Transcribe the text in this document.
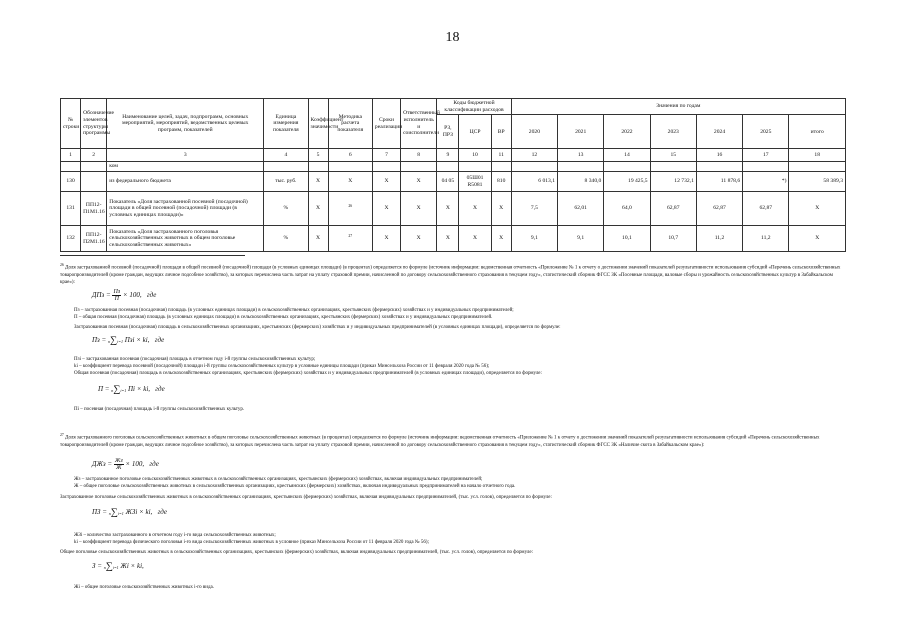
18
№ строки	Обозначение элементов структуры программы	Наименование целей, задач, подпрограмм, основных мероприятий, мероприятий, ведомственных целевых программ, показателей	Единица измерения показателя	Коэффициент значимости	Методика расчета показателя	Сроки реализации	Ответственный исполнитель и соисполнители	Коды бюджетной классификации расходов			Значения по годам						
								РЗ, ПРЗ	ЦСР	ВР	2020	2021	2022	2023	2024	2025	итого
1	2	3	4	5	6	7	8	9	10	11	12	13	14	15	16	17	18
		ком															
130		из федерального бюджета	тыс. руб.	Х	Х	Х	Х	04 05	05Ш01 R5081	810	6 013,1	8 340,0	19 425,5	12 732,1	11 878,6	*)	58 389,3
131	ПП12-П1М1.16	Показатель «Доля застрахованной посевной (посадочной) площади в общей посевной (посадочной) площади (в условных единицах площади)»	%	Х	$^{26}$	Х	Х	Х	Х	Х	7,5	62,01	64,0	62,87	62,87	62,87	Х
132	ПП12-П2М1.16	Показатель «Доля застрахованного поголовья сельскохозяйственных животных в общем поголовье сельскохозяйственных животных»	%	Х	$^{27}$	Х	Х	Х	Х	Х	9,1	9,1	10,1	10,7	11,2	11,2	Х

$^{26}$ Доля застрахованной посевной (посадочной) площади в общей посевной (посадочной) площади (в условных единицах площади) (в процентах) определяется по формуле (источник информации: ведомственная отчетность «Приложение № 1 к отчету о достижении значений показателей результативности использования субсидий «Перечень сельскохозяйственных товаропроизводителей (кроме граждан, ведущих личное подсобное хозяйство), за которых перечислена часть затрат на уплату страховой премии, начисленной по договору сельскохозяйственного страхования в текущем году», статистический сборник ФГСС ЗК «Посевные площади, валовые сборы и урожайность сельскохозяйственных культур в Забайкальском крае»):

ДПз = $\frac{Пз}{П} \times 100$, где

Пз – застрахованная посевная (посадочная) площадь (в условных единицах площади) в сельскохозяйственных организациях, крестьянских (фермерских) хозяйствах и у индивидуальных предпринимателей;

П – общая посевная (посадочная) площадь (в условных единицах площади) в сельскохозяйственных организациях, крестьянских (фермерских) хозяйствах и у индивидуальных предпринимателей.

Застрахованная посевная (посадочная) площадь в сельскохозяйственных организациях, крестьянских (фермерских) хозяйствах и у индивидуальных предпринимателей (в условных единицах площади), определяется по формуле:

Пз = n∑i=1 Пзi × ki, где

Пзi – застрахованная посевная (посадочная) площадь в отчетном году i-й группы сельскохозяйственных культур;

ki – коэффициент перевода посевной (посадочной) площади i-й группы сельскохозяйственных культур в условные единицы площади (приказ Минсельхоза России от 11 февраля 2020 года № 56);

Общая посевная (посадочная) площадь в сельскохозяйственных организациях, крестьянских (фермерских) хозяйствах и у индивидуальных предпринимателей (в условных единицах площади), определяется по формуле:

П = n∑i=1 Пi × ki, где

Пi – посевная (посадочная) площадь i-й группы сельскохозяйственных культур.

$^{27}$ Доля застрахованного поголовья сельскохозяйственных животных в общем поголовье сельскохозяйственных животных (в процентах) определяется по формуле (источник информации: ведомственная отчетность «Приложение № 1 к отчету о достижении значений показателей результативности использования субсидий «Перечень сельскохозяйственных товаропроизводителей (кроме граждан, ведущих личное подсобное хозяйство), за которых перечислена часть затрат на уплату страховой премии, начисленной по договору сельскохозяйственного страхования в текущем году», статистический сборник ФГСС ЗК «Наличие скота в Забайкальском крае»):

ДЖз = $\frac{Жз}{Ж} \times 100$, где

Жз – застрахованное поголовье сельскохозяйственных животных в сельскохозяйственных организациях, крестьянских (фермерских) хозяйствах, включая индивидуальных предпринимателей;

Ж – общее поголовье сельскохозяйственных животных в сельскохозяйственных организациях, крестьянских (фермерских) хозяйствах, включая индивидуальных предпринимателей на начало отчетного года.

Застрахованное поголовье сельскохозяйственных животных в сельскохозяйственных организациях, крестьянских (фермерских) хозяйствах, включая индивидуальных предпринимателей, (тыс. усл. голов), определяется по формуле:

ПЗ = n∑i=1 ЖЗi × ki, где

ЖЗi – количество застрахованного в отчетном году i-го вида сельскохозяйственных животных;

ki – коэффициент перевода физического поголовья i-го вида сельскохозяйственных животных в условное (приказ Минсельхоза России от 11 февраля 2020 года № 56);

Общее поголовье сельскохозяйственных животных в сельскохозяйственных организациях, крестьянских (фермерских) хозяйствах, включая индивидуальных предпринимателей, (тыс. усл. голов), определяется по формуле:

З = n∑i=1 Жi × ki,

Жi – общее поголовье сельскохозяйственных животных i-го вида.
